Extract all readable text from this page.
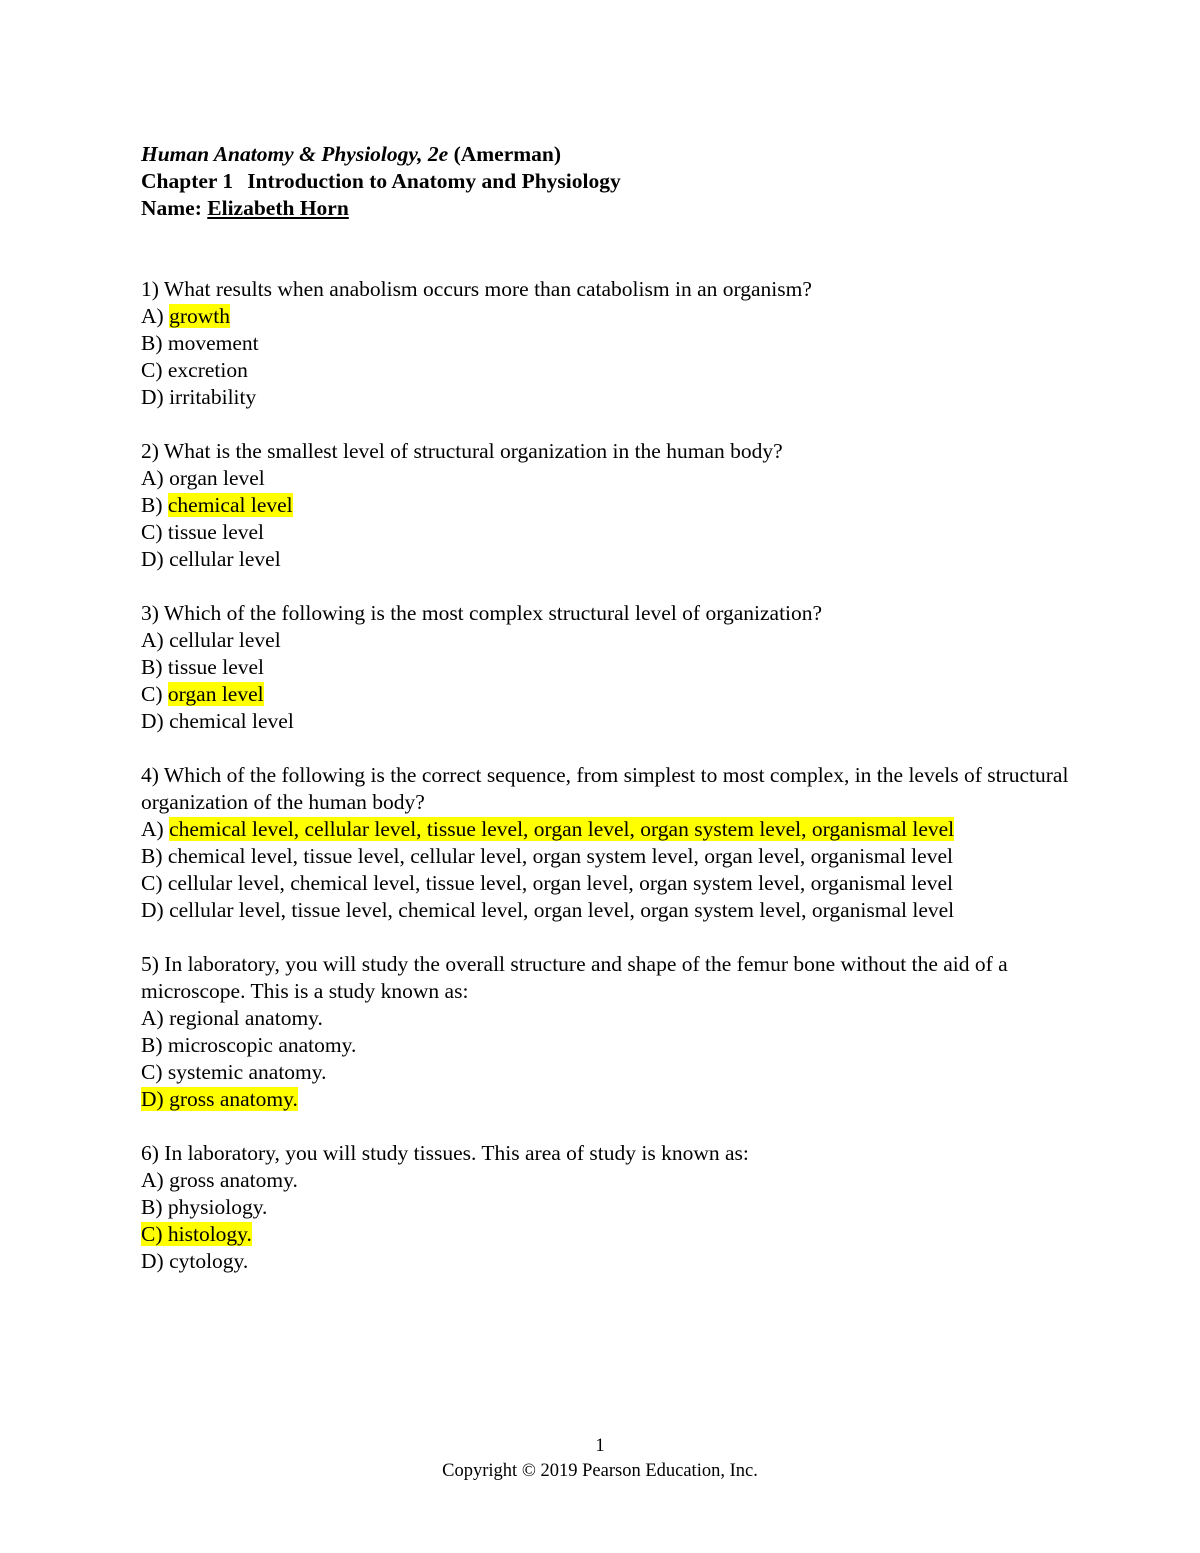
Human Anatomy & Physiology, 2e (Amerman)
Chapter 1 Introduction to Anatomy and Physiology
Name: Elizabeth Horn

1) What results when anabolism occurs more than catabolism in an organism?

A) growth

B) movement

C) excretion

D) irritability

2) What is the smallest level of structural organization in the human body?

A) organ level

B) chemical level

C) tissue level

D) cellular level

3) Which of the following is the most complex structural level of organization?

A) cellular level

B) tissue level

C) organ level

D) chemical level

4) Which of the following is the correct sequence, from simplest to most complex, in the levels of structural organization of the human body?

A) chemical level, cellular level, tissue level, organ level, organ system level, organismal level

B) chemical level, tissue level, cellular level, organ system level, organ level, organismal level

C) cellular level, chemical level, tissue level, organ level, organ system level, organismal level

D) cellular level, tissue level, chemical level, organ level, organ system level, organismal level

5) In laboratory, you will study the overall structure and shape of the femur bone without the aid of a microscope. This is a study known as:

A) regional anatomy.

B) microscopic anatomy.

C) systemic anatomy.

D) gross anatomy.

6) In laboratory, you will study tissues. This area of study is known as:

A) gross anatomy.

B) physiology.

C) histology.

D) cytology.

1
Copyright © 2019 Pearson Education, Inc.
